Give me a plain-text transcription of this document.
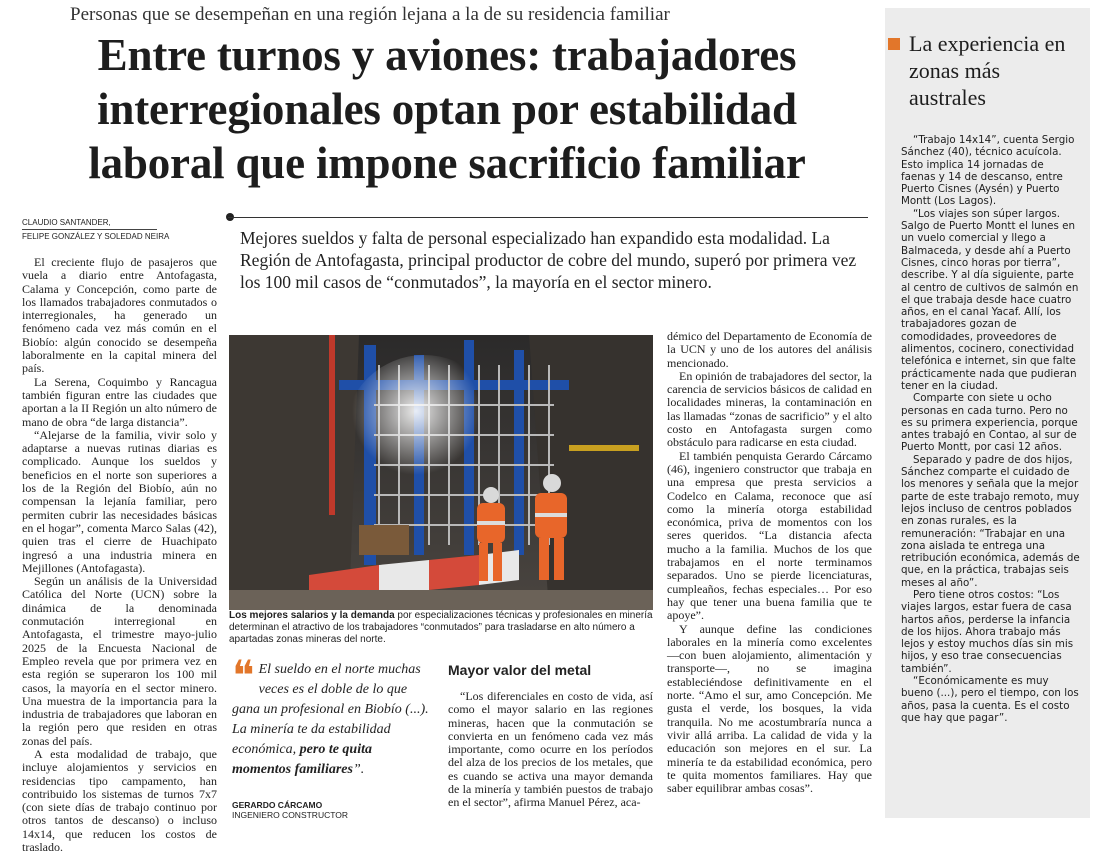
Personas que se desempeñan en una región lejana a la de su residencia familiar
Entre turnos y aviones: trabajadores
interregionales optan por estabilidad
laboral que impone sacrificio familiar
CLAUDIO SANTANDER,
FELIPE GONZÁLEZ Y SOLEDAD NEIRA	Mejores sueldos y falta de personal especializado han expandido esta modalidad. La Región de Antofagasta, principal productor de cobre del mundo, superó por primera vez los 100 mil casos de “conmutados”, la mayoría en el sector minero.

El creciente flujo de pasajeros que vuela a diario entre Antofagasta, Calama y Concepción, como parte de los llamados trabajadores conmutados o interregionales, ha generado un fenómeno cada vez más común en el Biobío: algún conocido se desempeña laboralmente en la capital minera del país.

La Serena, Coquimbo y Rancagua también figuran entre las ciudades que aportan a la II Región un alto número de mano de obra “de larga distancia”.

“Alejarse de la familia, vivir solo y adaptarse a nuevas rutinas diarias es complicado. Aunque los sueldos y beneficios en el norte son superiores a los de la Región del Biobío, aún no compensan la lejanía familiar, pero permiten cubrir las necesidades básicas en el hogar”, comenta Marco Salas (42), quien tras el cierre de Huachipato ingresó a una industria minera en Mejillones (Antofagasta).

Según un análisis de la Universidad Católica del Norte (UCN) sobre la dinámica de la denominada conmutación interregional en Antofagasta, el trimestre mayo-julio 2025 de la Encuesta Nacional de Empleo revela que por primera vez en esta región se superaron los 100 mil casos, la mayoría en el sector minero. Una muestra de la importancia para la industria de trabajadores que laboran en la región pero que residen en otras zonas del país.

A esta modalidad de trabajo, que incluye alojamientos y servicios en residencias tipo campamento, han contribuido los sistemas de turnos 7x7 (con siete días de trabajo continuo por otros tantos de descanso) o incluso 14x14, que reducen los costos de traslado.

Los mejores salarios y la demanda por especializaciones técnicas y profesionales en minería determinan el atractivo de los trabajadores “conmutados” para trasladarse en alto número a apartadas zonas mineras del norte.
❝ El sueldo en el norte muchas veces es el doble de lo que gana un profesional en Biobío (...). La minería te da estabilidad económica, pero te quita momentos familiares”.
GERARDO CÁRCAMO
INGENIERO CONSTRUCTOR
Mayor valor del metal

“Los diferenciales en costo de vida, así como el mayor salario en las regiones mineras, hacen que la conmutación se convierta en un fenómeno cada vez más importante, como ocurre en los períodos del alza de los precios de los metales, que es cuando se activa una mayor demanda de la minería y también puestos de trabajo en el sector”, afirma Manuel Pérez, aca-

démico del Departamento de Economía de la UCN y uno de los autores del análisis mencionado.

En opinión de trabajadores del sector, la carencia de servicios básicos de calidad en localidades mineras, la contaminación en las llamadas “zonas de sacrificio” y el alto costo en Antofagasta surgen como obstáculo para radicarse en esta ciudad.

El también penquista Gerardo Cárcamo (46), ingeniero constructor que trabaja en una empresa que presta servicios a Codelco en Calama, reconoce que así como la minería otorga estabilidad económica, priva de momentos con los seres queridos. “La distancia afecta mucho a la familia. Muchos de los que trabajamos en el norte terminamos separados. Uno se pierde licenciaturas, cumpleaños, fechas especiales… Por eso hay que tener una buena familia que te apoye”.

Y aunque define las condiciones laborales en la minería como excelentes —con buen alojamiento, alimentación y transporte—, no se imagina estableciéndose definitivamente en el norte. “Amo el sur, amo Concepción. Me gusta el verde, los bosques, la vida tranquila. No me acostumbraría nunca a vivir allá arriba. La calidad de vida y la educación son mejores en el sur. La minería te da estabilidad económica, pero te quita momentos familiares. Hay que saber equilibrar ambas cosas”.

La experiencia en zonas más australes

“Trabajo 14x14”, cuenta Sergio Sánchez (40), técnico acuícola. Esto implica 14 jornadas de faenas y 14 de descanso, entre Puerto Cisnes (Aysén) y Puerto Montt (Los Lagos).

“Los viajes son súper largos. Salgo de Puerto Montt el lunes en un vuelo comercial y llego a Balmaceda, y desde ahí a Puerto Cisnes, cinco horas por tierra”, describe. Y al día siguiente, parte al centro de cultivos de salmón en el que trabaja desde hace cuatro años, en el canal Yacaf. Allí, los trabajadores gozan de comodidades, proveedores de alimentos, cocinero, conectividad telefónica e internet, sin que falte prácticamente nada que pudieran tener en la ciudad.

Comparte con siete u ocho personas en cada turno. Pero no es su primera experiencia, porque antes trabajó en Contao, al sur de Puerto Montt, por casi 12 años.

Separado y padre de dos hijos, Sánchez comparte el cuidado de los menores y señala que la mejor parte de este trabajo remoto, muy lejos incluso de centros poblados en zonas rurales, es la remuneración: “Trabajar en una zona aislada te entrega una retribución económica, además de que, en la práctica, trabajas seis meses al año”.

Pero tiene otros costos: “Los viajes largos, estar fuera de casa hartos años, perderse la infancia de los hijos. Ahora trabajo más lejos y estoy muchos días sin mis hijos, y eso trae consecuencias también”.

“Económicamente es muy bueno (...), pero el tiempo, con los años, pasa la cuenta. Es el costo que hay que pagar”.
